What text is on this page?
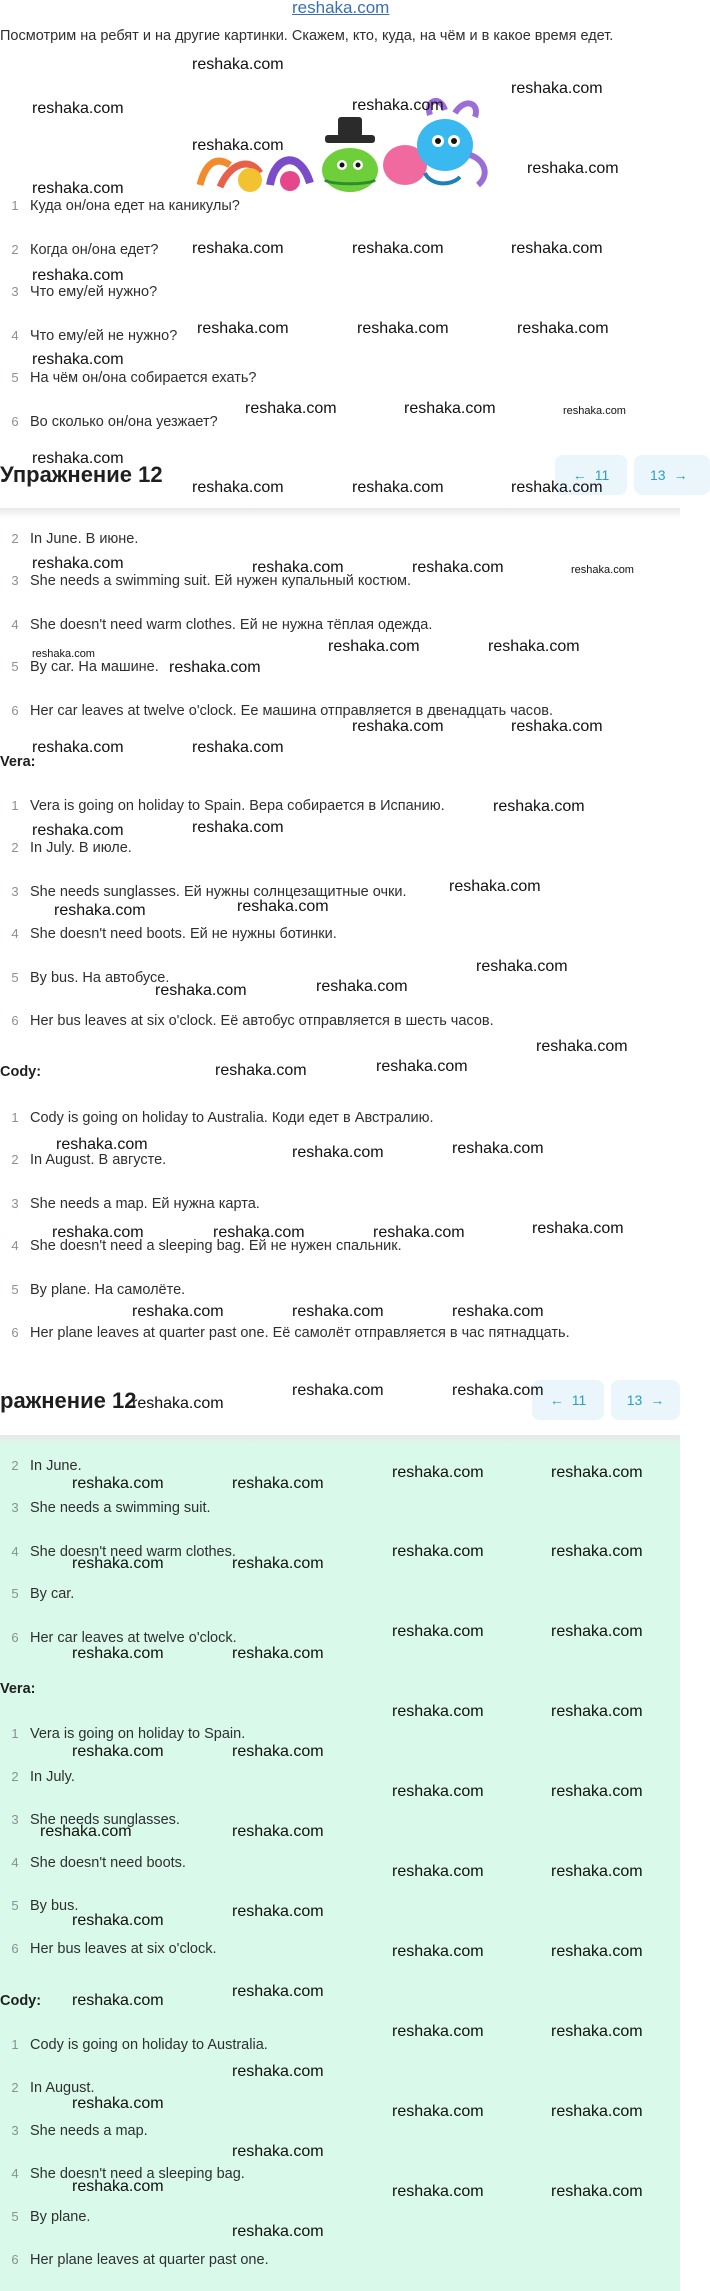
reshaka.com
Посмотрим на ребят и на другие картинки. Скажем, кто, куда, на чём и в какое время едет.
1 Куда он/она едет на каникулы?
2 Когда он/она едет?
3 Что ему/ей нужно?
4 Что ему/ей не нужно?
5 На чём он/она собирается ехать?
6 Во сколько он/она уезжает?
Упражнение 12	← 11	13 →
2 In June. В июне.
3 She needs a swimming suit. Ей нужен купальный костюм.
4 She doesn't need warm clothes. Ей не нужна тёплая одежда.
5 By car. На машине.
6 Her car leaves at twelve o'clock. Ее машина отправляется в двенадцать часов.
Vera:
1 Vera is going on holiday to Spain. Вера собирается в Испанию.
2 In July. В июле.
3 She needs sunglasses. Ей нужны солнцезащитные очки.
4 She doesn't need boots. Ей не нужны ботинки.
5 By bus. На автобусе.
6 Her bus leaves at six o'clock. Её автобус отправляется в шесть часов.
Cody:
1 Cody is going on holiday to Australia. Коди едет в Австралию.
2 In August. В августе.
3 She needs a map. Ей нужна карта.
4 She doesn't need a sleeping bag. Ей не нужен спальник.
5 By plane. На самолёте.
6 Her plane leaves at quarter past one. Её самолёт отправляется в час пятнадцать.
ражнение 12	← 11	13 →
2 In June.
3 She needs a swimming suit.
4 She doesn't need warm clothes.
5 By car.
6 Her car leaves at twelve o'clock.
Vera:
1 Vera is going on holiday to Spain.
2 In July.
3 She needs sunglasses.
4 She doesn't need boots.
5 By bus.
6 Her bus leaves at six o'clock.
Cody:
1 Cody is going on holiday to Australia.
2 In August.
3 She needs a map.
4 She doesn't need a sleeping bag.
5 By plane.
6 Her plane leaves at quarter past one.
reshaka.com
reshaka.com
reshaka.com	reshaka.com
reshaka.com
reshaka.com
reshaka.com
reshaka.com	reshaka.com	reshaka.com
reshaka.com
reshaka.com	reshaka.com	reshaka.com
reshaka.com
reshaka.com	reshaka.com	reshaka.com
reshaka.com
reshaka.com	reshaka.com	reshaka.com
reshaka.com	reshaka.com	reshaka.com	reshaka.com
reshaka.com	reshaka.com	reshaka.com
reshaka.com
reshaka.com	reshaka.com
reshaka.com	reshaka.com
reshaka.com
reshaka.com	reshaka.com
reshaka.com
reshaka.com	reshaka.com
reshaka.com
reshaka.com	reshaka.com
reshaka.com
reshaka.com	reshaka.com
reshaka.com	reshaka.com	reshaka.com
reshaka.com
reshaka.com	reshaka.com	reshaka.com
reshaka.com	reshaka.com	reshaka.com
reshaka.com	reshaka.com
reshaka.com
reshaka.com	reshaka.com
reshaka.com	reshaka.com
reshaka.com	reshaka.com
reshaka.com	reshaka.com
reshaka.com	reshaka.com
reshaka.com	reshaka.com
reshaka.com	reshaka.com
reshaka.com	reshaka.com
reshaka.com	reshaka.com
reshaka.com	reshaka.com
reshaka.com	reshaka.com
reshaka.com
reshaka.com
reshaka.com	reshaka.com
reshaka.com
reshaka.com
reshaka.com	reshaka.com
reshaka.com
reshaka.com	reshaka.com	reshaka.com
reshaka.com
reshaka.com	reshaka.com	reshaka.com
reshaka.com
